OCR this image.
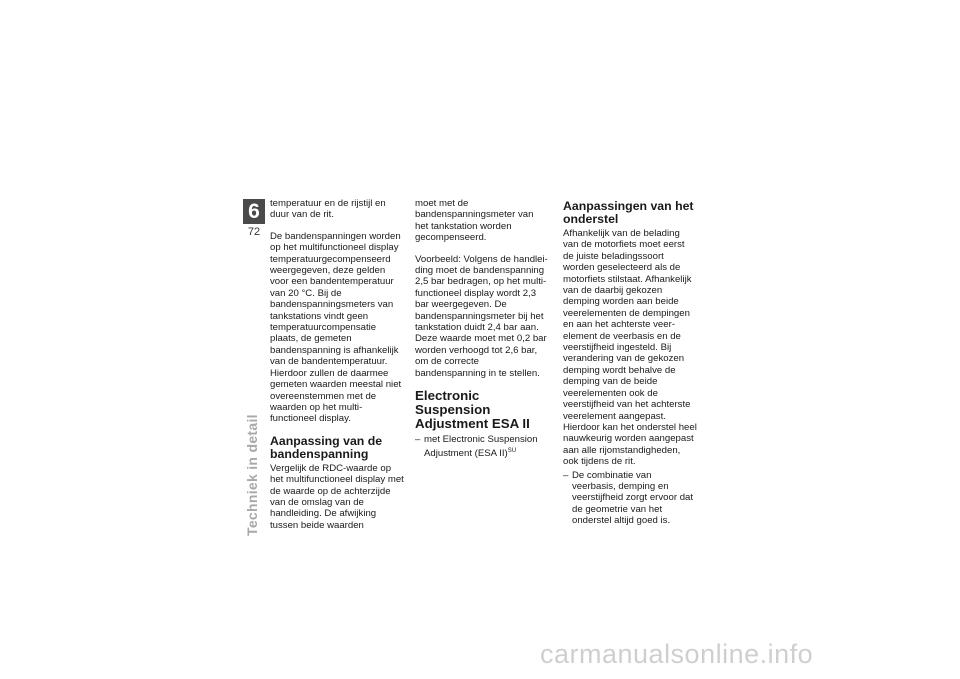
6
72
Techniek in detail

temperatuur en de rijstijl en duur van de rit.

De bandenspanningen worden op het multifunctioneel display temperatuurgecompenseerd weergegeven, deze gelden voor een bandentemperatuur van 20 °C. Bij de bandenspanningsmeters van tankstations vindt geen temperatuurcompensatie plaats, de gemeten bandenspanning is afhankelijk van de bandentemperatuur. Hierdoor zullen de daarmee gemeten waarden meestal niet overeenstemmen met de waarden op het multifunctioneel display.

Aanpassing van de bandenspanning

Vergelijk de RDC-waarde op het multifunctioneel display met de waarde op de achterzijde van de omslag van de handleiding. De afwijking tussen beide waarden

moet met de bandenspanningsmeter van het tankstation worden gecompenseerd.

Voorbeeld: Volgens de handleiding moet de bandenspanning 2,5 bar bedragen, op het multifunctioneel display wordt 2,3 bar weergegeven. De bandenspanningsmeter bij het tankstation duidt 2,4 bar aan. Deze waarde moet met 0,2 bar worden verhoogd tot 2,6 bar, om de correcte bandenspanning in te stellen.

Electronic Suspension Adjustment ESA II
– met Electronic Suspension Adjustment (ESA II)$^{SU}$
Aanpassingen van het onderstel

Afhankelijk van de belading van de motorfiets moet eerst de juiste beladingssoort worden geselecteerd als de motorfiets stilstaat. Afhankelijk van de daarbij gekozen demping worden aan beide veerelementen de dempingen en aan het achterste veerelement de veerbasis en de veerstijfheid ingesteld. Bij verandering van de gekozen demping wordt behalve de demping van de beide veerelementen ook de veerstijfheid van het achterste veerelement aangepast. Hierdoor kan het onderstel heel nauwkeurig worden aangepast aan alle rijomstandigheden, ook tijdens de rit.

– De combinatie van veerbasis, demping en veerstijfheid zorgt ervoor dat de geometrie van het onderstel altijd goed is.
carmanualsonline.info
